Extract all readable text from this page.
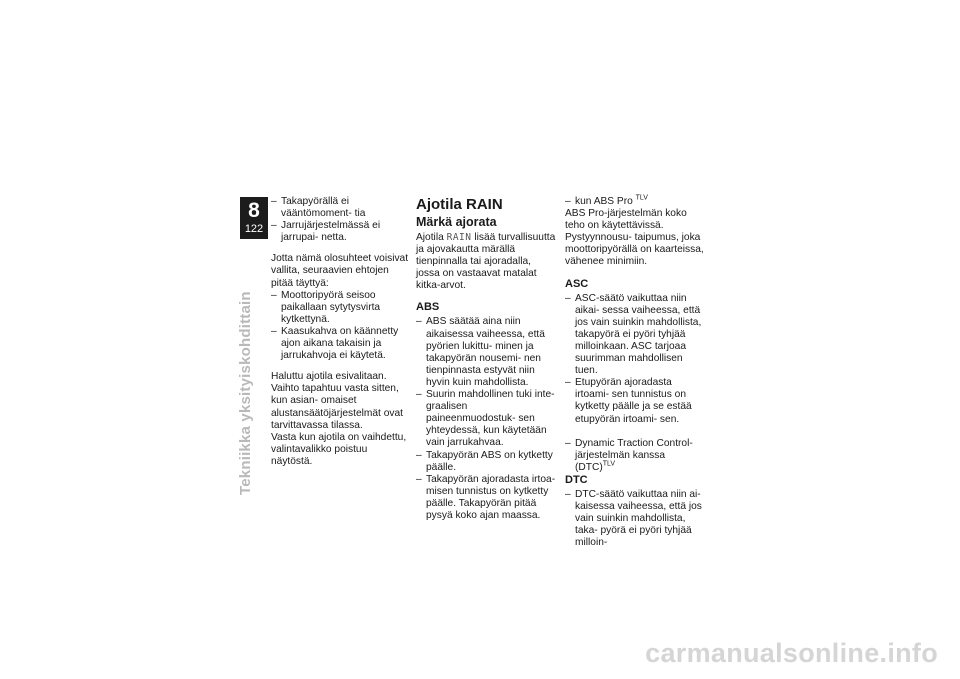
8
122
Tekniikka yksityiskohdittain
– Takapyörällä ei vääntömoment- tia
– Jarrujärjestelmässä ei jarrupai- netta.

Jotta nämä olosuhteet voisivat vallita, seuraavien ehtojen pitää täyttyä:

– Moottoripyörä seisoo paikallaan sytytysvirta kytkettynä.
– Kaasukahva on käännetty ajon aikana takaisin ja jarrukahvoja ei käytetä.

Haluttu ajotila esivalitaan. Vaihto tapahtuu vasta sitten, kun asian- omaiset alustansäätöjärjestelmät ovat tarvittavassa tilassa.

Vasta kun ajotila on vaihdettu, valintavalikko poistuu näytöstä.

Ajotila RAIN
Märkä ajorata

Ajotila RAIN lisää turvallisuutta ja ajovakautta märällä tienpinnalla tai ajoradalla, jossa on vastaavat matalat kitka-arvot.

ABS
– ABS säätää aina niin aikaisessa vaiheessa, että pyörien lukittu- minen ja takapyörän nousemi- nen tienpinnasta estyvät niin hyvin kuin mahdollista.
– Suurin mahdollinen tuki inte- graalisen paineenmuodostuk- sen yhteydessä, kun käytetään vain jarrukahvaa.
– Takapyörän ABS on kytketty päälle.
– Takapyörän ajoradasta irtoa- misen tunnistus on kytketty päälle. Takapyörän pitää pysyä koko ajan maassa.
– kun ABS Pro $^{TLV}$

ABS Pro-järjestelmän koko teho on käytettävissä. Pystyynnousu- taipumus, joka moottoripyörällä on kaarteissa, vähenee minimiin.

ASC
– ASC-säätö vaikuttaa niin aikai- sessa vaiheessa, että jos vain suinkin mahdollista, takapyörä ei pyöri tyhjää milloinkaan. ASC tarjoaa suurimman mahdollisen tuen.
– Etupyörän ajoradasta irtoami- sen tunnistus on kytketty päälle ja se estää etupyörän irtoami- sen.
– Dynamic Traction Control- järjestelmän kanssa (DTC)$^{TLV}$
DTC
– DTC-säätö vaikuttaa niin ai- kaisessa vaiheessa, että jos vain suinkin mahdollista, taka- pyörä ei pyöri tyhjää milloin-
carmanualsonline.info
